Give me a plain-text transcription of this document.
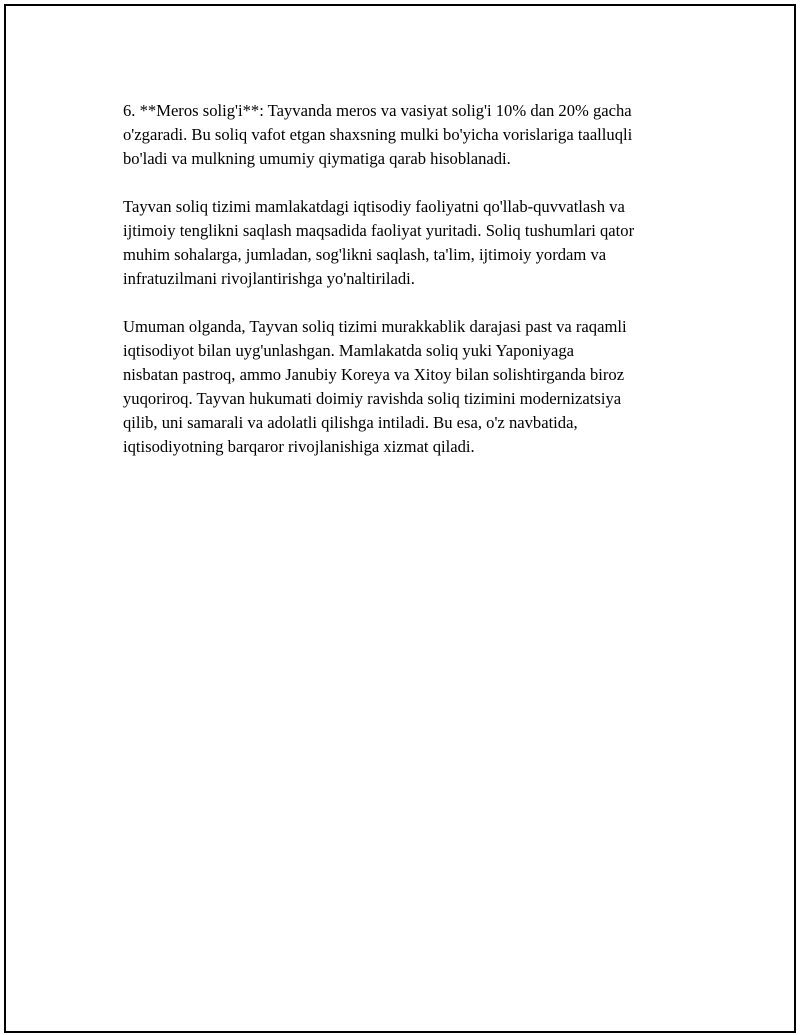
6. **Meros solig'i**: Tayvanda meros va vasiyat solig'i 10% dan 20% gacha
o'zgaradi. Bu soliq vafot etgan shaxsning mulki bo'yicha vorislariga taalluqli
bo'ladi va mulkning umumiy qiymatiga qarab hisoblanadi.

Tayvan soliq tizimi mamlakatdagi iqtisodiy faoliyatni qo'llab-quvvatlash va
ijtimoiy tenglikni saqlash maqsadida faoliyat yuritadi. Soliq tushumlari qator
muhim sohalarga, jumladan, sog'likni saqlash, ta'lim, ijtimoiy yordam va
infratuzilmani rivojlantirishga yo'naltiriladi.

Umuman olganda, Tayvan soliq tizimi murakkablik darajasi past va raqamli
iqtisodiyot bilan uyg'unlashgan. Mamlakatda soliq yuki Yaponiyaga
nisbatan pastroq, ammo Janubiy Koreya va Xitoy bilan solishtirganda biroz
yuqoriroq. Tayvan hukumati doimiy ravishda soliq tizimini modernizatsiya
qilib, uni samarali va adolatli qilishga intiladi. Bu esa, o'z navbatida,
iqtisodiyotning barqaror rivojlanishiga xizmat qiladi.
